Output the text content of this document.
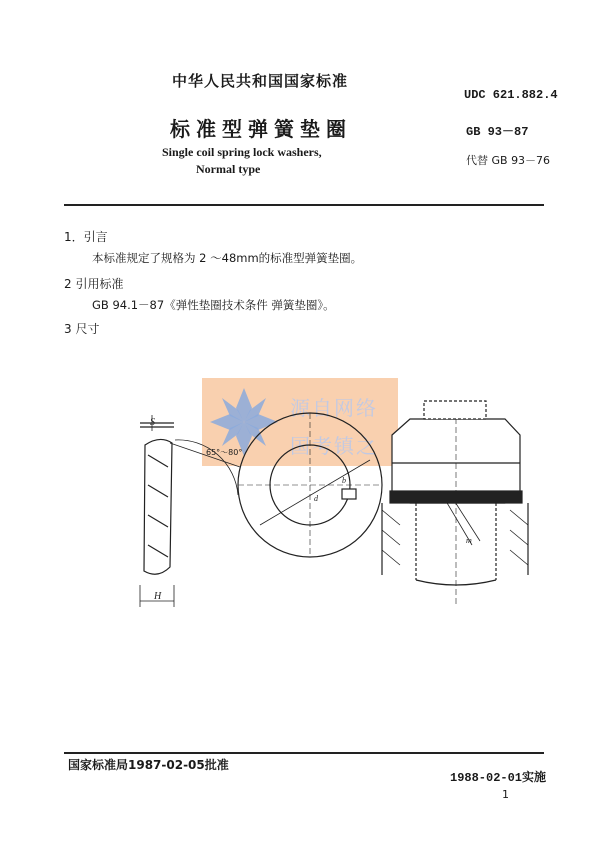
中华人民共和国国家标准
UDC 621.882.4
标准型弹簧垫圈	GB 93－87
Single coil spring lock washers,
Normal type
代替 GB 93－76
1．引言
本标准规定了规格为 2 ～48mm的标准型弹簧垫圈。
2 引用标准
GB 94.1－87《弹性垫圈技术条件 弹簧垫圈》。
3 尺寸
源自网络
国考镇之
S
H
65°～80°
d
b
m
国家标准局1987-02-05批准
1988-02-01实施
1
